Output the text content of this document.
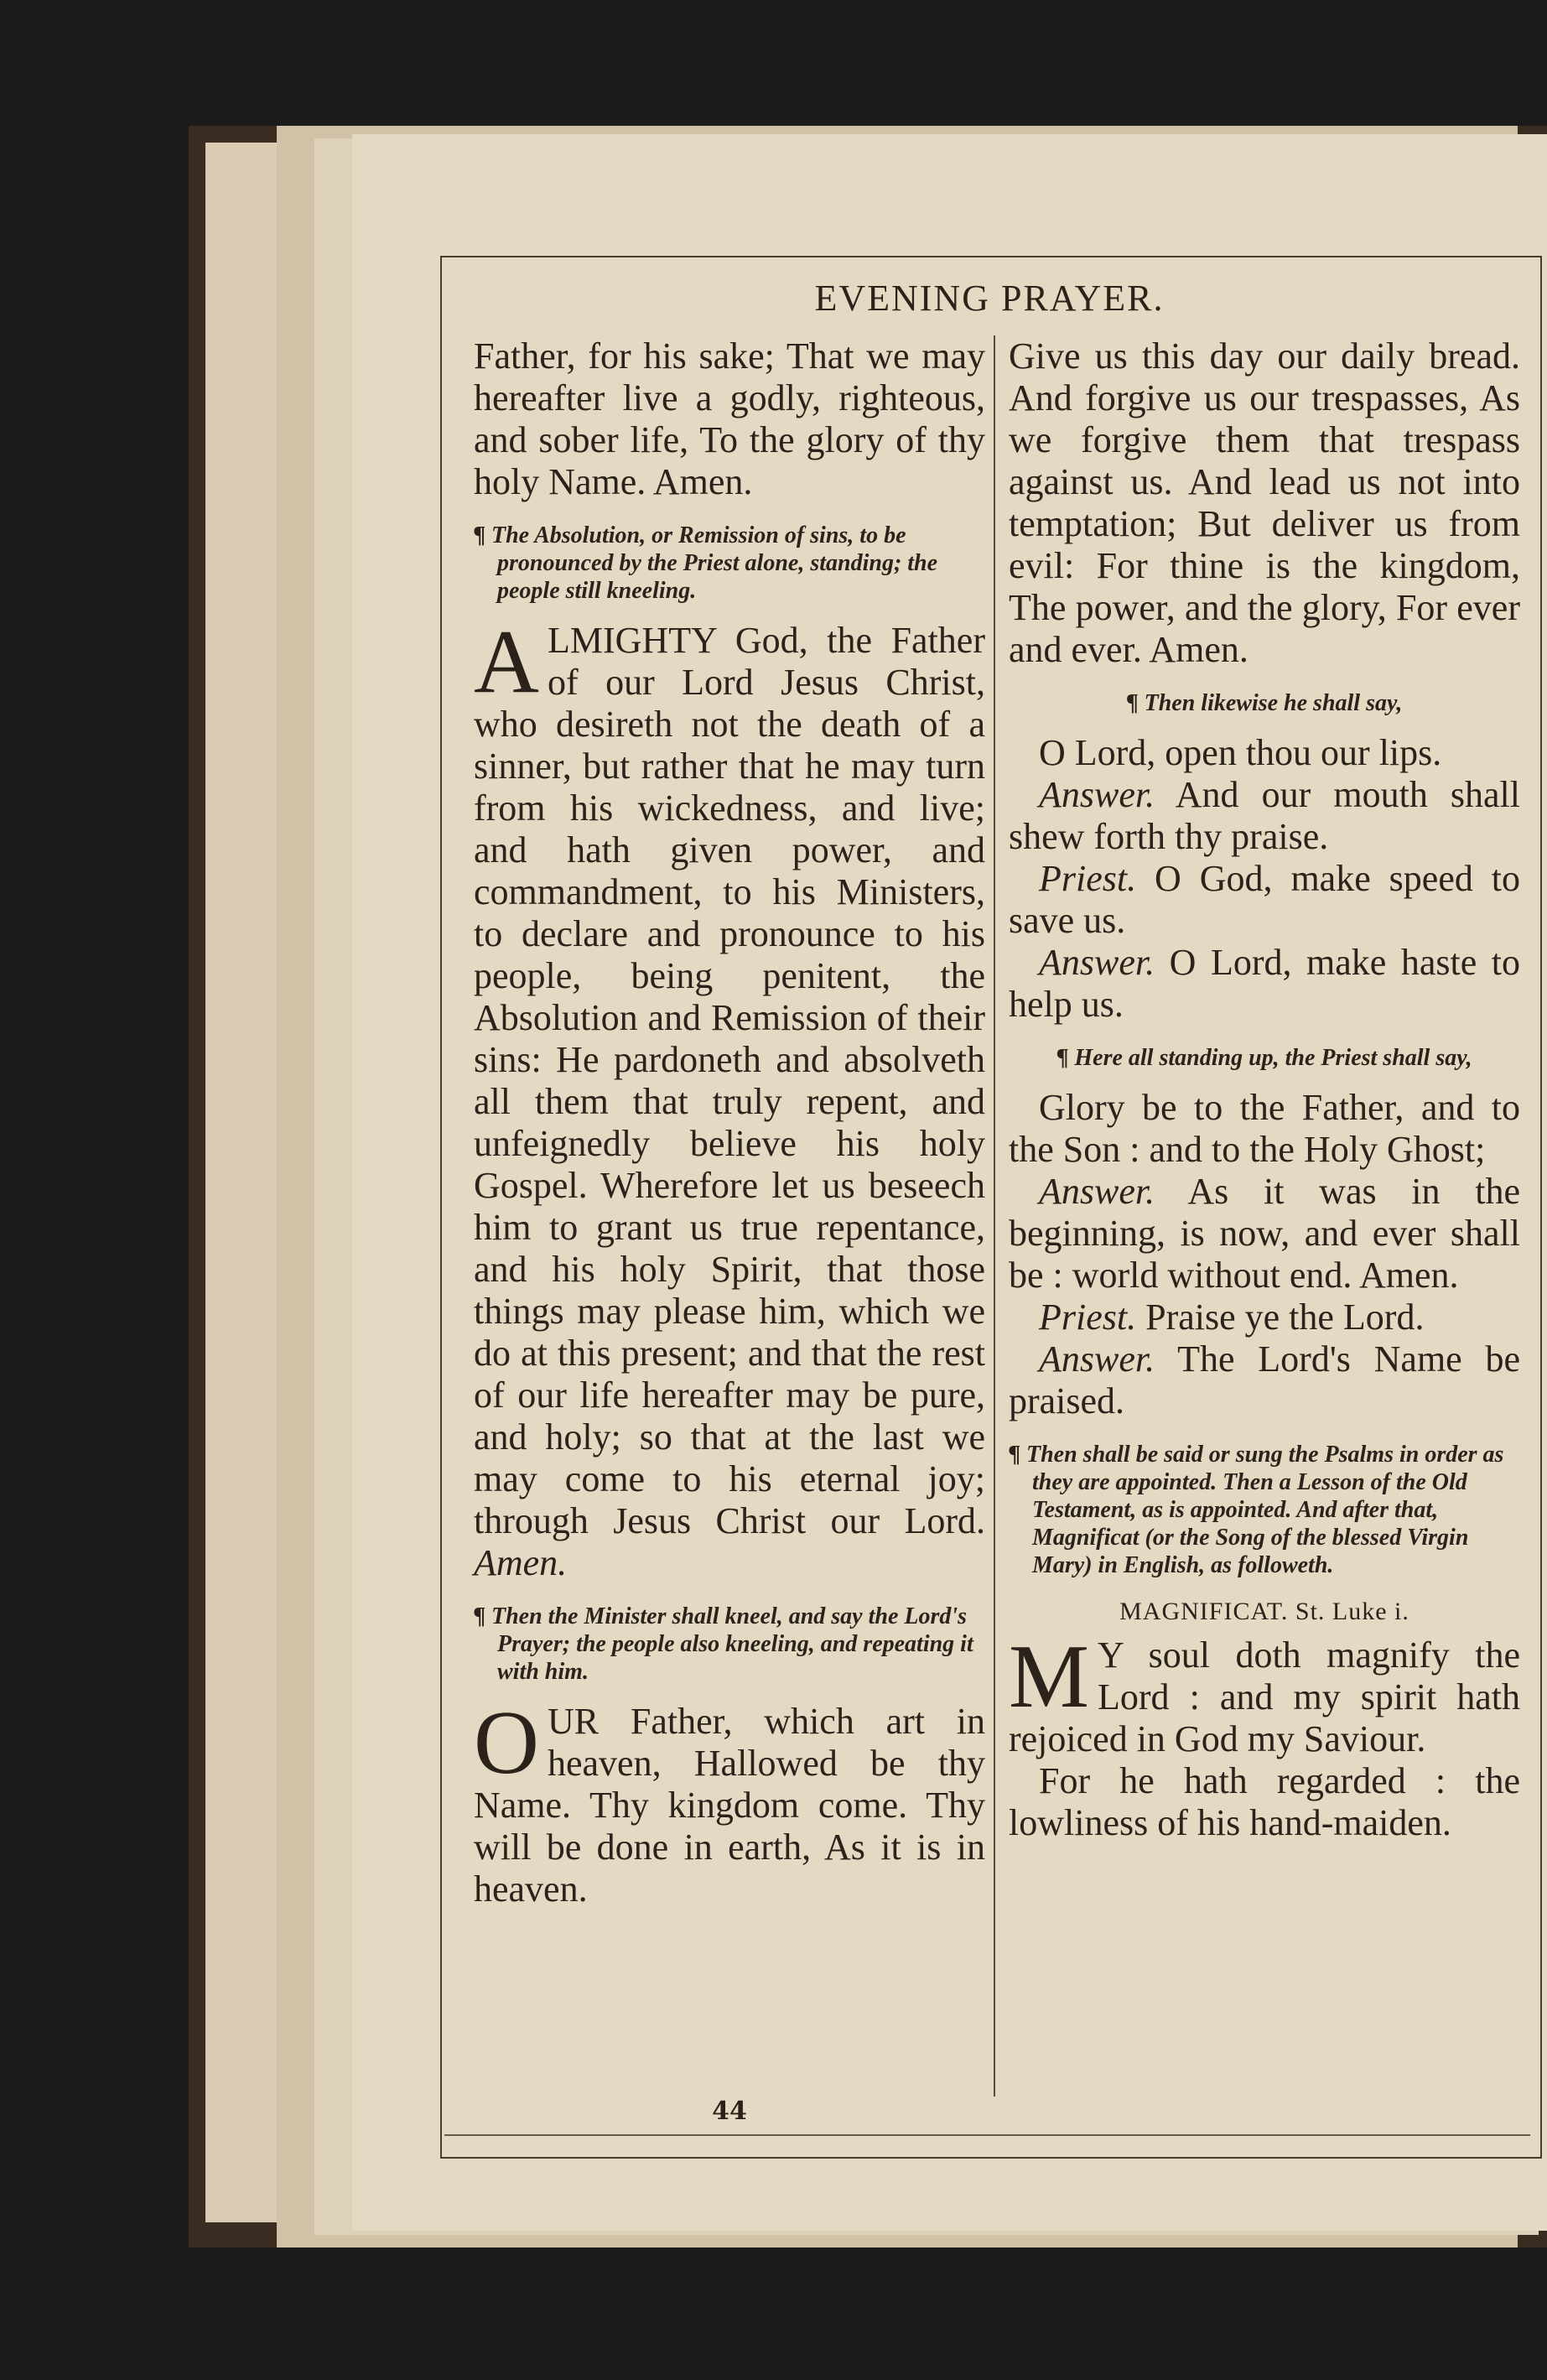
EVENING PRAYER.

Father, for his sake; That we may hereafter live a godly, righteous, and sober life, To the glory of thy holy Name. Amen.

¶ The Absolution, or Remission of sins, to be pronounced by the Priest alone, standing; the people still kneeling.

ALMIGHTY God, the Father of our Lord Jesus Christ, who desireth not the death of a sinner, but rather that he may turn from his wickedness, and live; and hath given power, and commandment, to his Ministers, to declare and pronounce to his people, being penitent, the Absolution and Remission of their sins: He pardoneth and absolveth all them that truly repent, and unfeignedly believe his holy Gospel. Wherefore let us beseech him to grant us true repentance, and his holy Spirit, that those things may please him, which we do at this present; and that the rest of our life hereafter may be pure, and holy; so that at the last we may come to his eternal joy; through Jesus Christ our Lord. Amen.

¶ Then the Minister shall kneel, and say the Lord's Prayer; the people also kneeling, and repeating it with him.

OUR Father, which art in heaven, Hallowed be thy Name. Thy kingdom come. Thy will be done in earth, As it is in heaven.

Give us this day our daily bread. And forgive us our trespasses, As we forgive them that trespass against us. And lead us not into temptation; But deliver us from evil: For thine is the kingdom, The power, and the glory, For ever and ever. Amen.

¶ Then likewise he shall say,

O Lord, open thou our lips.

Answer. And our mouth shall shew forth thy praise.

Priest. O God, make speed to save us.

Answer. O Lord, make haste to help us.

¶ Here all standing up, the Priest shall say,

Glory be to the Father, and to the Son : and to the Holy Ghost;

Answer. As it was in the beginning, is now, and ever shall be : world without end. Amen.

Priest. Praise ye the Lord.

Answer. The Lord's Name be praised.

¶ Then shall be said or sung the Psalms in order as they are appointed. Then a Lesson of the Old Testament, as is appointed. And after that, Magnificat (or the Song of the blessed Virgin Mary) in English, as followeth.

MAGNIFICAT. St. Luke i.

M Y soul doth magnify the Lord : and my spirit hath rejoiced in God my Saviour.

For he hath regarded : the lowliness of his hand-maiden.

44
